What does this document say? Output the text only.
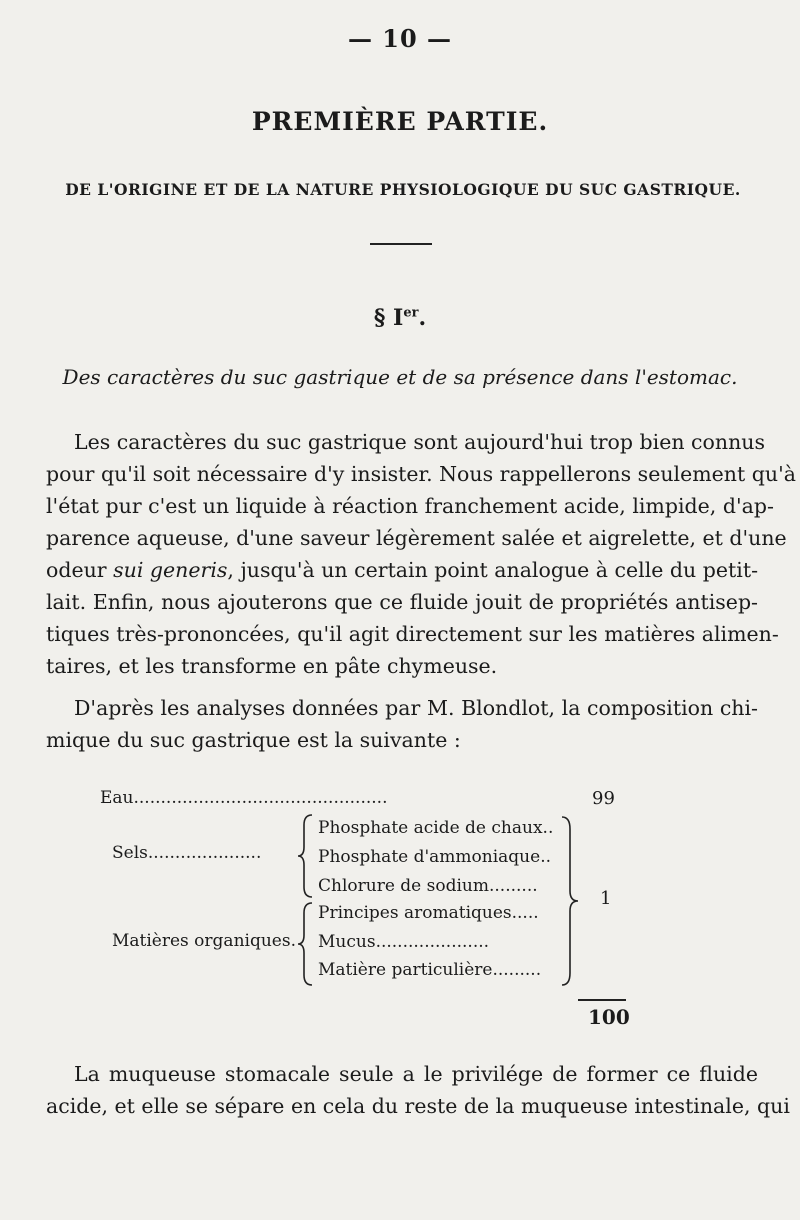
— 10 —
PREMIÈRE PARTIE.
DE L'ORIGINE ET DE LA NATURE PHYSIOLOGIQUE DU SUC GASTRIQUE.
§ Ier.
Des caractères du suc gastrique et de sa présence dans l'estomac.
Les caractères du suc gastrique sont aujourd'hui trop bien connus
pour qu'il soit nécessaire d'y insister. Nous rappellerons seulement qu'à
l'état pur c'est un liquide à réaction franchement acide, limpide, d'ap-
parence aqueuse, d'une saveur légèrement salée et aigrelette, et d'une
odeur sui generis, jusqu'à un certain point analogue à celle du petit-
lait. Enfin, nous ajouterons que ce fluide jouit de propriétés antisep-
tiques très-prononcées, qu'il agit directement sur les matières alimen-
taires, et les transforme en pâte chymeuse.
D'après les analyses données par M. Blondlot, la composition chi-
mique du suc gastrique est la suivante :
Eau...............................................	99
Sels.....................
Matières organiques.
Phosphate acide de chaux..
Phosphate d'ammoniaque..
Chlorure de sodium.........
Principes aromatiques.....
Mucus.....................
Matière particulière.........
1
100
La muqueuse stomacale seule a le privilége de former ce fluide
acide, et elle se sépare en cela du reste de la muqueuse intestinale, qui
